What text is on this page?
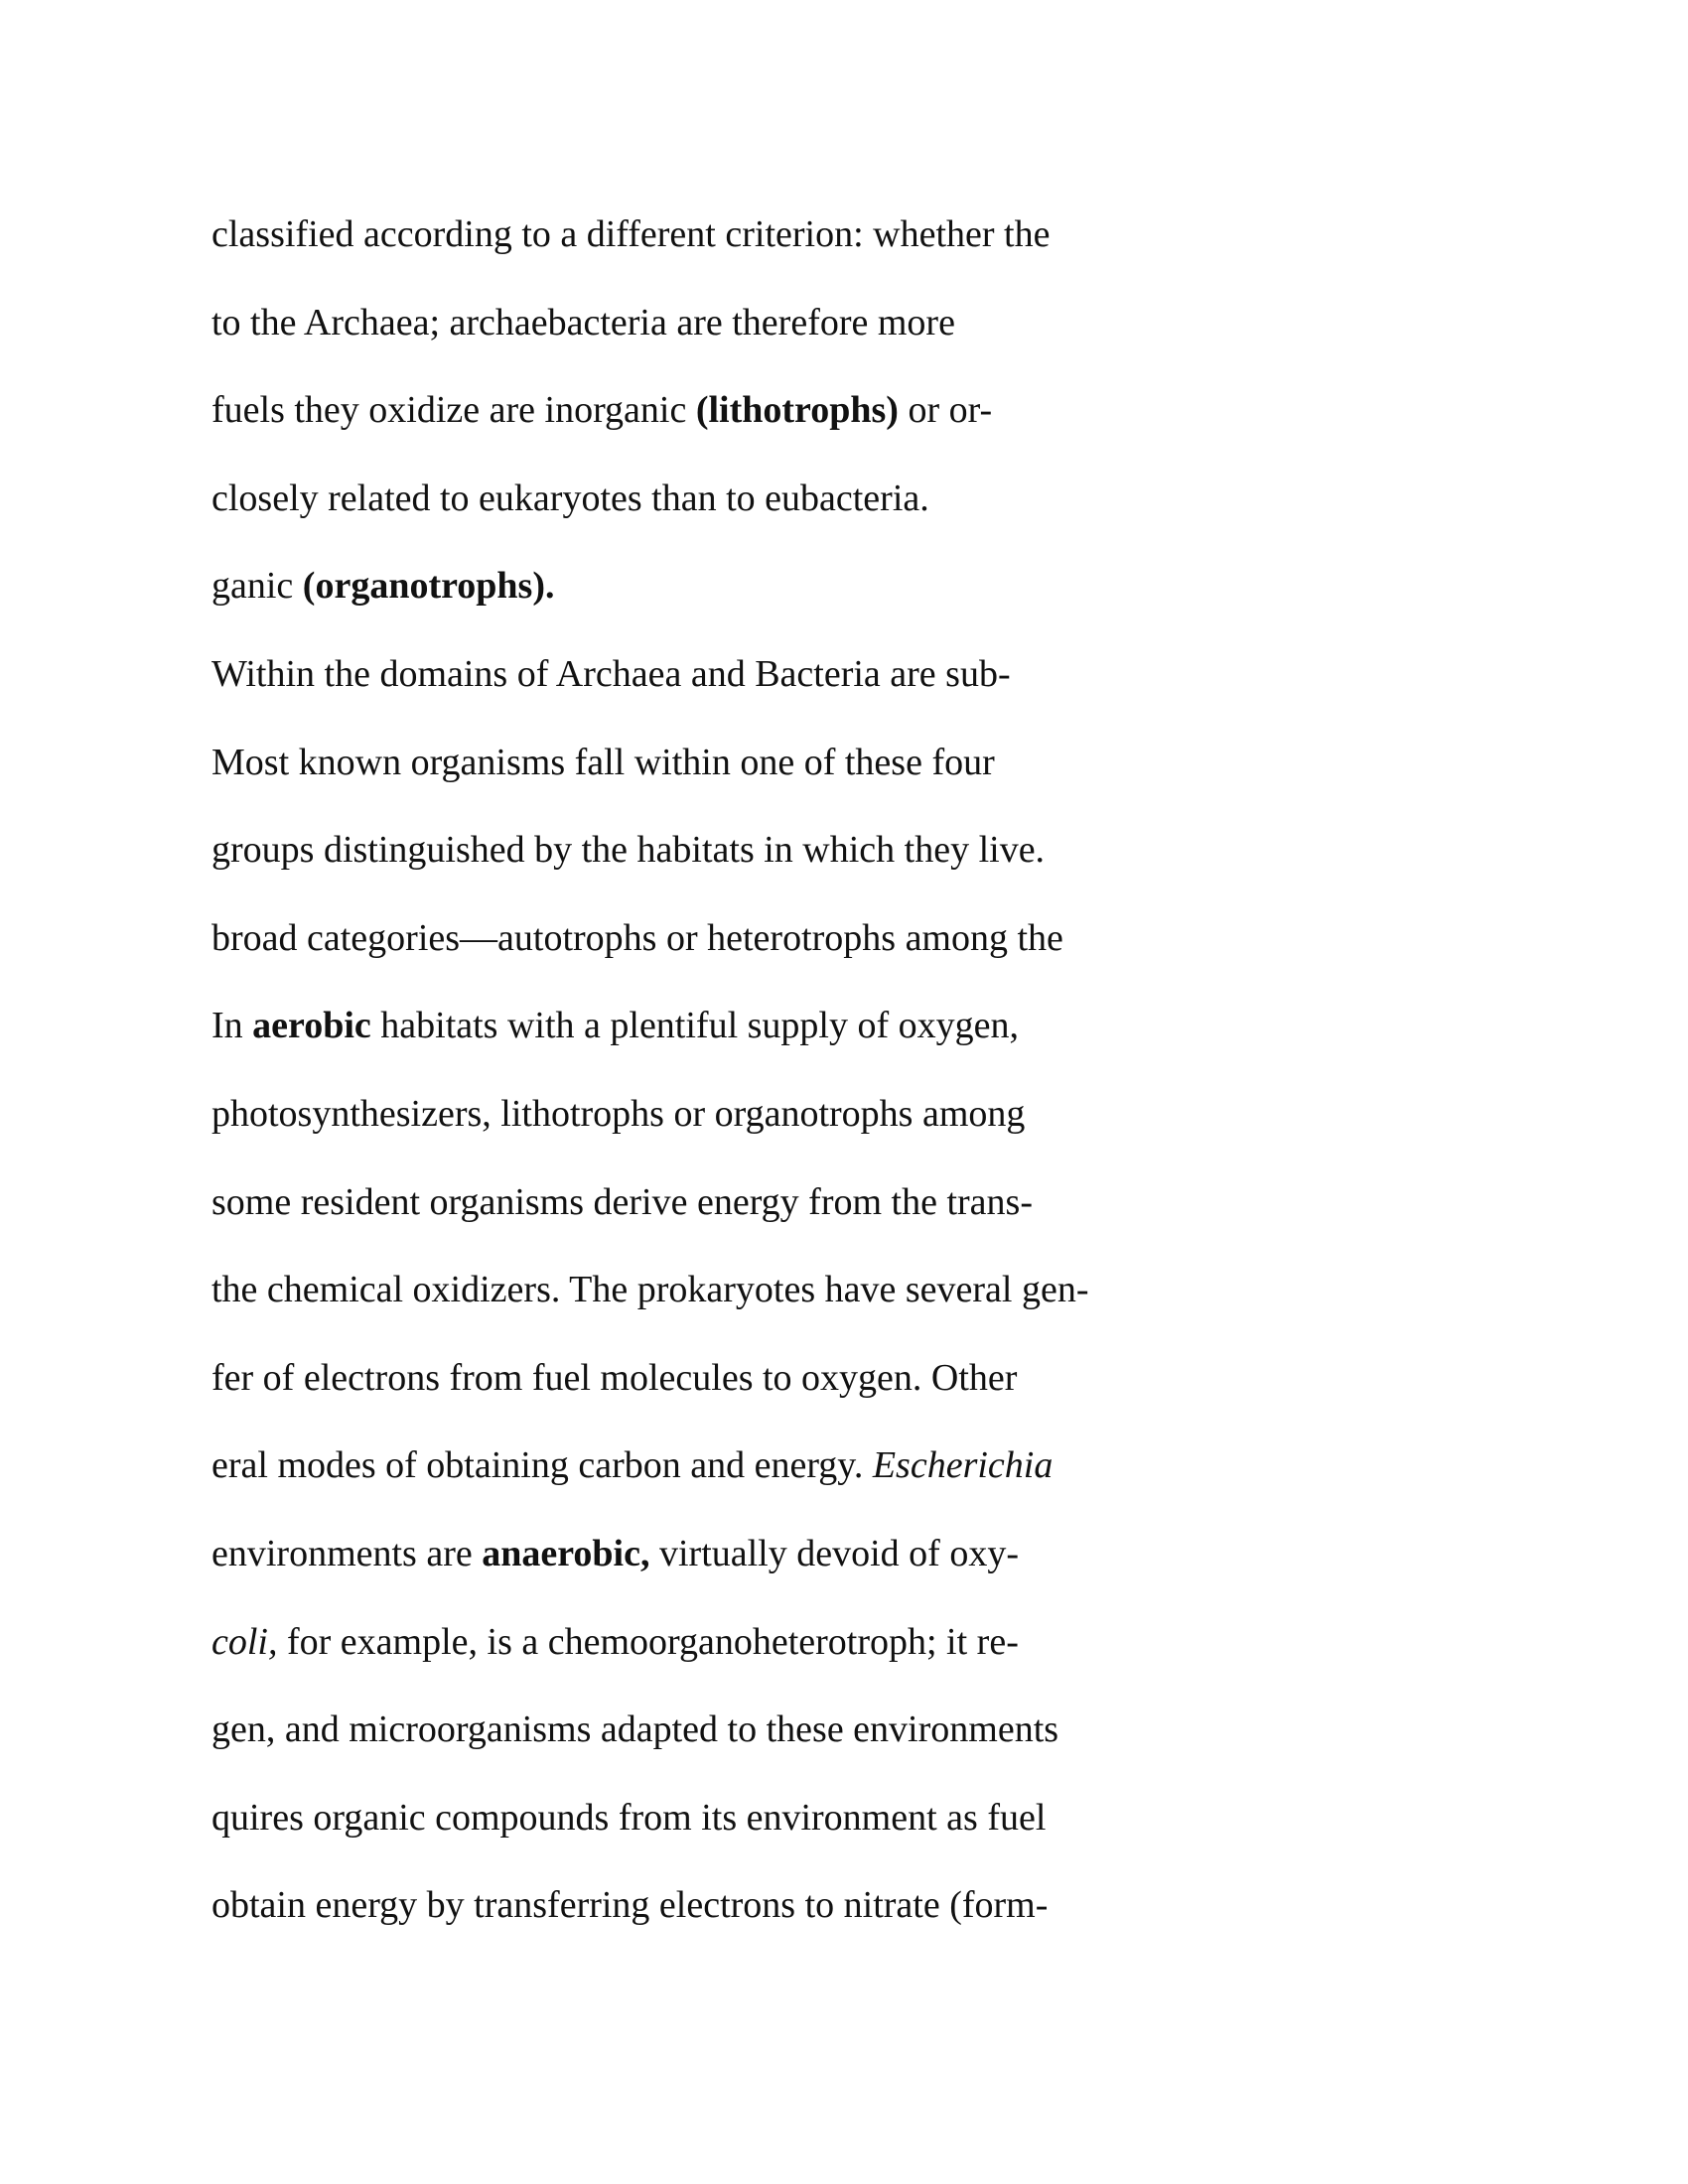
classified according to a different criterion: whether the
to the Archaea; archaebacteria are therefore more
fuels they oxidize are inorganic (lithotrophs) or or-
closely related to eukaryotes than to eubacteria.
ganic (organotrophs).
Within the domains of Archaea and Bacteria are sub-
Most known organisms fall within one of these four
groups distinguished by the habitats in which they live.
broad categories—autotrophs or heterotrophs among the
In aerobic habitats with a plentiful supply of oxygen,
photosynthesizers, lithotrophs or organotrophs among
some resident organisms derive energy from the trans-
the chemical oxidizers. The prokaryotes have several gen-
fer of electrons from fuel molecules to oxygen. Other
eral modes of obtaining carbon and energy. Escherichia
environments are anaerobic, virtually devoid of oxy-
coli, for example, is a chemoorganoheterotroph; it re-
gen, and microorganisms adapted to these environments
quires organic compounds from its environment as fuel
obtain energy by transferring electrons to nitrate (form-
